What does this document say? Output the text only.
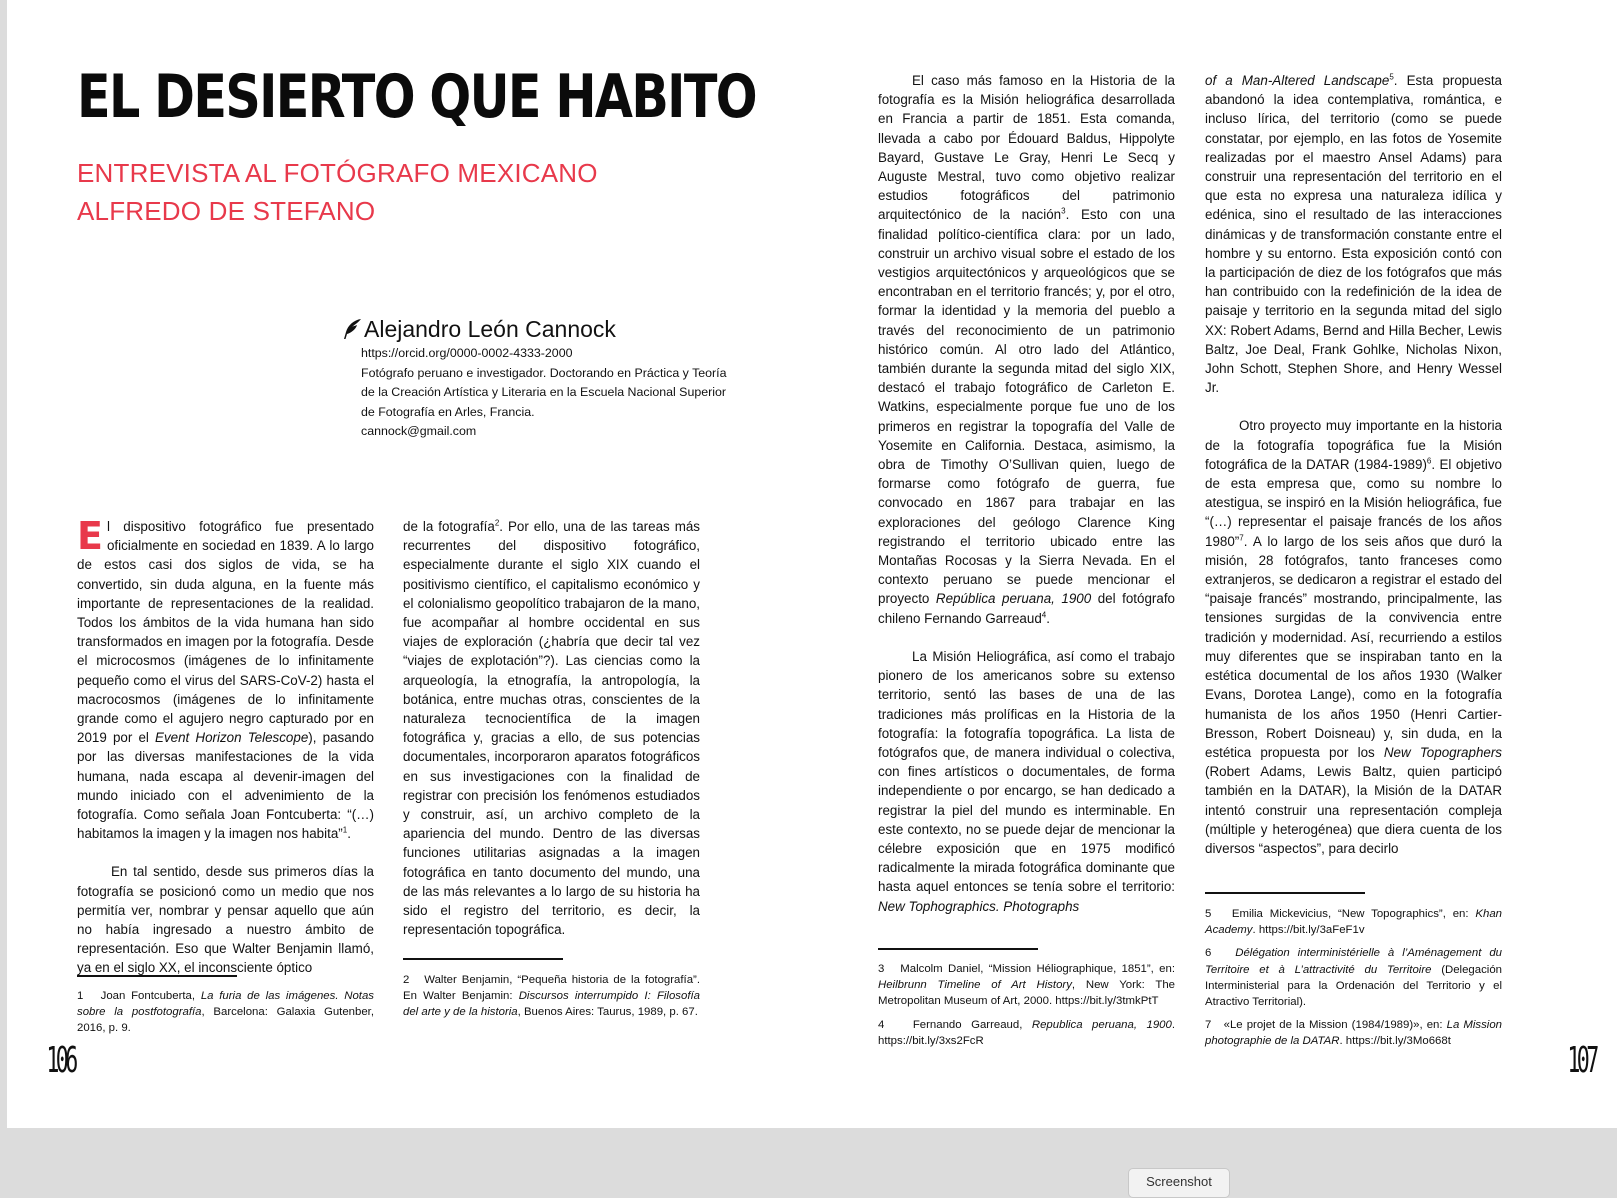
EL DESIERTO QUE HABITO
ENTREVISTA AL FOTÓGRAFO MEXICANO
ALFREDO DE STEFANO
Alejandro León Cannock
https://orcid.org/0000-0002-4333-2000
Fotógrafo peruano e investigador. Doctorando en Práctica y Teoría de la Creación Artística y Literaria en la Escuela Nacional Superior de Fotografía en Arles, Francia.
cannock@gmail.com

El dispositivo fotográfico fue presentado oficialmente en sociedad en 1839. A lo largo de estos casi dos siglos de vida, se ha convertido, sin duda alguna, en la fuente más importante de representaciones de la realidad. Todos los ámbitos de la vida humana han sido transformados en imagen por la fotografía. Desde el microcosmos (imágenes de lo infinitamente pequeño como el virus del SARS-CoV-2) hasta el macrocosmos (imágenes de lo infinitamente grande como el agujero negro capturado por en 2019 por el Event Horizon Telescope), pasando por las diversas manifestaciones de la vida humana, nada escapa al devenir-imagen del mundo iniciado con el advenimiento de la fotografía. Como señala Joan Fontcuberta: “(…) habitamos la imagen y la imagen nos habita”$^1$.

En tal sentido, desde sus primeros días la fotografía se posicionó como un medio que nos permitía ver, nombrar y pensar aquello que aún no había ingresado a nuestro ámbito de representación. Eso que Walter Benjamin llamó, ya en el siglo XX, el inconsciente óptico

de la fotografía$^2$. Por ello, una de las tareas más recurrentes del dispositivo fotográfico, especialmente durante el siglo XIX cuando el positivismo científico, el capitalismo económico y el colonialismo geopolítico trabajaron de la mano, fue acompañar al hombre occidental en sus viajes de exploración (¿habría que decir tal vez “viajes de explotación”?). Las ciencias como la arqueología, la etnografía, la antropología, la botánica, entre muchas otras, conscientes de la naturaleza tecnocientífica de la imagen fotográfica y, gracias a ello, de sus potencias documentales, incorporaron aparatos fotográficos en sus investigaciones con la finalidad de registrar con precisión los fenómenos estudiados y construir, así, un archivo completo de la apariencia del mundo. Dentro de las diversas funciones utilitarias asignadas a la imagen fotográfica en tanto documento del mundo, una de las más relevantes a lo largo de su historia ha sido el registro del territorio, es decir, la representación topográfica.

1 Joan Fontcuberta, La furia de las imágenes. Notas sobre la postfotografía, Barcelona: Galaxia Gutenber, 2016, p. 9.

2 Walter Benjamin, “Pequeña historia de la fotografía”. En Walter Benjamin: Discursos interrumpido I: Filosofía del arte y de la historia, Buenos Aires: Taurus, 1989, p. 67.

106

El caso más famoso en la Historia de la fotografía es la Misión heliográfica desarrollada en Francia a partir de 1851. Esta comanda, llevada a cabo por Édouard Baldus, Hippolyte Bayard, Gustave Le Gray, Henri Le Secq y Auguste Mestral, tuvo como objetivo realizar estudios fotográficos del patrimonio arquitectónico de la nación$^3$. Esto con una finalidad político-científica clara: por un lado, construir un archivo visual sobre el estado de los vestigios arquitectónicos y arqueológicos que se encontraban en el territorio francés; y, por el otro, formar la identidad y la memoria del pueblo a través del reconocimiento de un patrimonio histórico común. Al otro lado del Atlántico, también durante la segunda mitad del siglo XIX, destacó el trabajo fotográfico de Carleton E. Watkins, especialmente porque fue uno de los primeros en registrar la topografía del Valle de Yosemite en California. Destaca, asimismo, la obra de Timothy O’Sullivan quien, luego de formarse como fotógrafo de guerra, fue convocado en 1867 para trabajar en las exploraciones del geólogo Clarence King registrando el territorio ubicado entre las Montañas Rocosas y la Sierra Nevada. En el contexto peruano se puede mencionar el proyecto República peruana, 1900 del fotógrafo chileno Fernando Garreaud$^4$.

La Misión Heliográfica, así como el trabajo pionero de los americanos sobre su extenso territorio, sentó las bases de una de las tradiciones más prolíficas en la Historia de la fotografía: la fotografía topográfica. La lista de fotógrafos que, de manera individual o colectiva, con fines artísticos o documentales, de forma independiente o por encargo, se han dedicado a registrar la piel del mundo es interminable. En este contexto, no se puede dejar de mencionar la célebre exposición que en 1975 modificó radicalmente la mirada fotográfica dominante que hasta aquel entonces se tenía sobre el territorio: New Tophographics. Photographs

of a Man-Altered Landscape$^5$. Esta propuesta abandonó la idea contemplativa, romántica, e incluso lírica, del territorio (como se puede constatar, por ejemplo, en las fotos de Yosemite realizadas por el maestro Ansel Adams) para construir una representación del territorio en el que esta no expresa una naturaleza idílica y edénica, sino el resultado de las interacciones dinámicas y de transformación constante entre el hombre y su entorno. Esta exposición contó con la participación de diez de los fotógrafos que más han contribuido con la redefinición de la idea de paisaje y territorio en la segunda mitad del siglo XX: Robert Adams, Bernd and Hilla Becher, Lewis Baltz, Joe Deal, Frank Gohlke, Nicholas Nixon, John Schott, Stephen Shore, and Henry Wessel Jr.

Otro proyecto muy importante en la historia de la fotografía topográfica fue la Misión fotográfica de la DATAR (1984-1989)$^6$. El objetivo de esta empresa que, como su nombre lo atestigua, se inspiró en la Misión heliográfica, fue “(…) representar el paisaje francés de los años 1980”$^7$. A lo largo de los seis años que duró la misión, 28 fotógrafos, tanto franceses como extranjeros, se dedicaron a registrar el estado del “paisaje francés” mostrando, principalmente, las tensiones surgidas de la convivencia entre tradición y modernidad. Así, recurriendo a estilos muy diferentes que se inspiraban tanto en la estética documental de los años 1930 (Walker Evans, Dorotea Lange), como en la fotografía humanista de los años 1950 (Henri Cartier-Bresson, Robert Doisneau) y, sin duda, en la estética propuesta por los New Topographers (Robert Adams, Lewis Baltz, quien participó también en la DATAR), la Misión de la DATAR intentó construir una representación compleja (múltiple y heterogénea) que diera cuenta de los diversos “aspectos”, para decirlo

3 Malcolm Daniel, “Mission Héliographique, 1851”, en: Heilbrunn Timeline of Art History, New York: The Metropolitan Museum of Art, 2000. https://bit.ly/3tmkPtT

4 Fernando Garreaud, Republica peruana, 1900. https://bit.ly/3xs2FcR

5 Emilia Mickevicius, “New Topographics”, en: Khan Academy. https://bit.ly/3aFeF1v

6 Délégation interministérielle à l’Aménagement du Territoire et à L’attractivité du Territoire (Delegación Interministerial para la Ordenación del Territorio y el Atractivo Territorial).

7 «Le projet de la Mission (1984/1989)», en: La Mission photographie de la DATAR. https://bit.ly/3Mo668t	107
Screenshot
